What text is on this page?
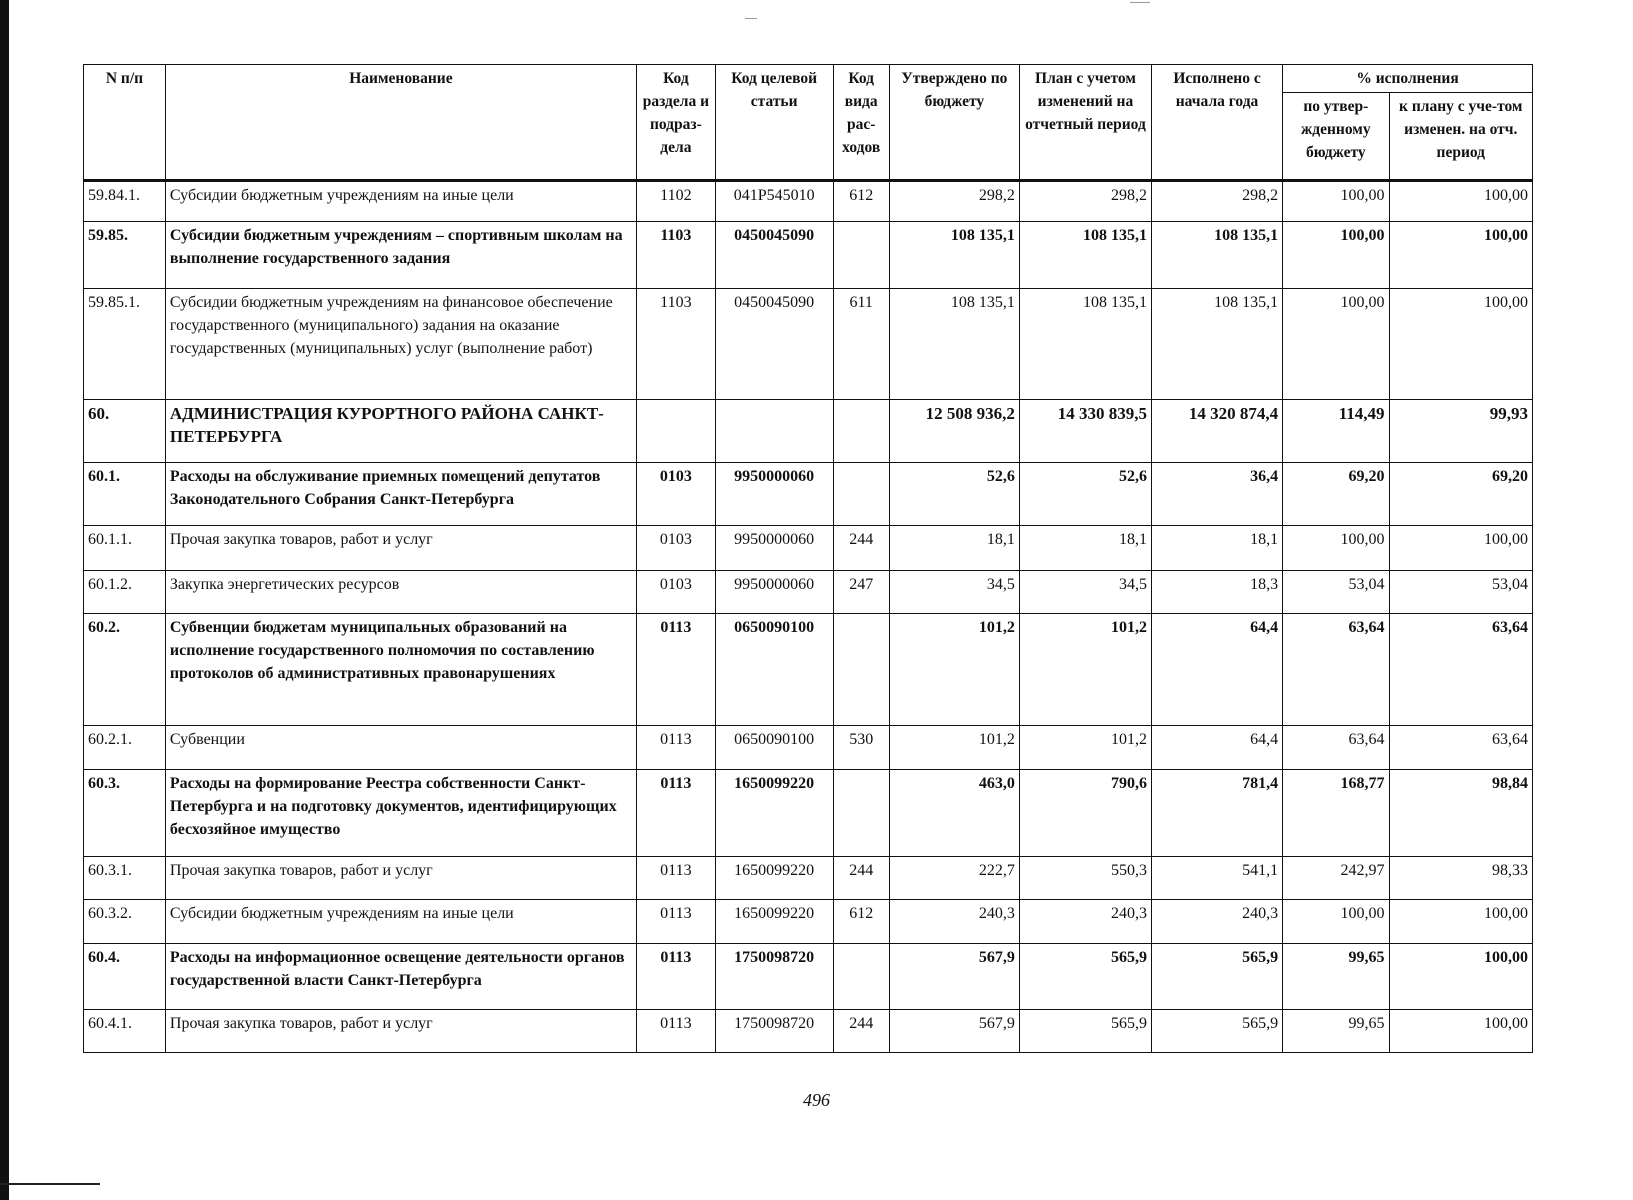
N п/п	Наименование	Код раздела и подраз-дела	Код целевой статьи	Код вида рас-ходов	Утверждено по бюджету	План с учетом изменений на отчетный период	Исполнено с начала года	% исполнения	
								по утвер-жденному бюджету	к плану с уче-том изменен. на отч. период
59.84.1.	Субсидии бюджетным учреждениям на иные цели	1102	041P545010	612	298,2	298,2	298,2	100,00	100,00
59.85.	Субсидии бюджетным учреждениям – спортивным школам на выполнение государственного задания	1103	0450045090		108 135,1	108 135,1	108 135,1	100,00	100,00
59.85.1.	Субсидии бюджетным учреждениям на финансовое обеспечение государственного (муниципального) задания на оказание государственных (муниципальных) услуг (выполнение работ)	1103	0450045090	611	108 135,1	108 135,1	108 135,1	100,00	100,00
60.	АДМИНИСТРАЦИЯ КУРОРТНОГО РАЙОНА САНКТ-ПЕТЕРБУРГА				12 508 936,2	14 330 839,5	14 320 874,4	114,49	99,93
60.1.	Расходы на обслуживание приемных помещений депутатов Законодательного Собрания Санкт-Петербурга	0103	9950000060		52,6	52,6	36,4	69,20	69,20
60.1.1.	Прочая закупка товаров, работ и услуг	0103	9950000060	244	18,1	18,1	18,1	100,00	100,00
60.1.2.	Закупка энергетических ресурсов	0103	9950000060	247	34,5	34,5	18,3	53,04	53,04
60.2.	Субвенции бюджетам муниципальных образований на исполнение государственного полномочия по составлению протоколов об административных правонарушениях	0113	0650090100		101,2	101,2	64,4	63,64	63,64
60.2.1.	Субвенции	0113	0650090100	530	101,2	101,2	64,4	63,64	63,64
60.3.	Расходы на формирование Реестра собственности Санкт-Петербурга и на подготовку документов, идентифицирующих бесхозяйное имущество	0113	1650099220		463,0	790,6	781,4	168,77	98,84
60.3.1.	Прочая закупка товаров, работ и услуг	0113	1650099220	244	222,7	550,3	541,1	242,97	98,33
60.3.2.	Субсидии бюджетным учреждениям на иные цели	0113	1650099220	612	240,3	240,3	240,3	100,00	100,00
60.4.	Расходы на информационное освещение деятельности органов государственной власти Санкт-Петербурга	0113	1750098720		567,9	565,9	565,9	99,65	100,00
60.4.1.	Прочая закупка товаров, работ и услуг	0113	1750098720	244	567,9	565,9	565,9	99,65	100,00
496
